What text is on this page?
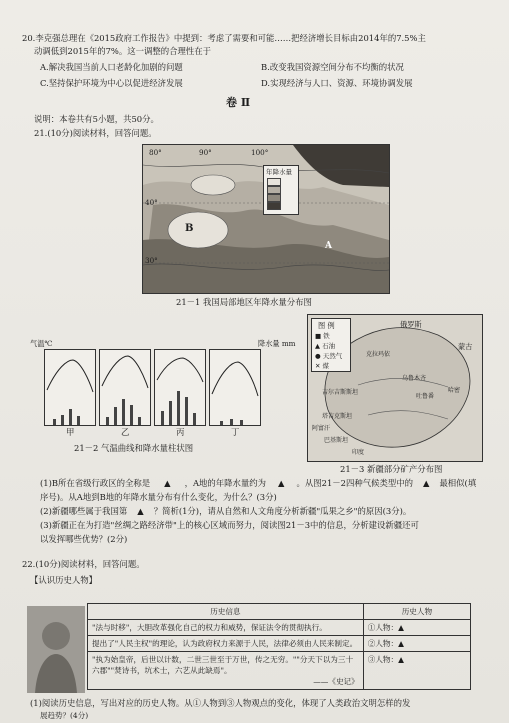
20.李克强总理在《2015政府工作报告》中提到：考虑了需要和可能……把经济增长目标由2014年的7.5%主
动调低到2015年的7%。这一调整的合理性在于
A.解决我国当前人口老龄化加剧的问题	B.改变我国资源空间分布不均衡的状况
C.坚持保护环境为中心以促进经济发展	D.实现经济与人口、资源、环境协调发展
卷 Ⅱ
说明：本卷共有5小题，共50分。
21.(10分)阅读材料，回答问题。
80°	90°	100°
40°
30°
B
A
年降水量
21－1 我国局部地区年降水量分布图
气温℃	降水量 mm
甲	乙	丙	丁
21－2 气温曲线和降水量柱状图
图 例
■ 铁
▲ 石油
● 天然气
✕ 煤
俄罗斯
蒙古
克拉玛依
乌鲁木齐
哈密
吐鲁番
吉尔吉斯斯坦
塔吉克斯坦
巴基斯坦
印度
阿富汗
21－3 新疆部分矿产分布图
(1)B所在省级行政区的全称是 ▲ ，A地的年降水量约为 ▲ 。从图21－2四种气候类型中的 ▲ 最相似(填
序号)。从A地到B地的年降水量分布有什么变化，为什么？(3分)
(2)新疆哪些属于我国第 ▲ ？简析(1分)，请从自然和人文角度分析新疆"瓜果之乡"的原因(3分)。
(3)新疆正在为打造"丝绸之路经济带"上的核心区域而努力，阅读图21－3中的信息，分析建设新疆还可
以发挥哪些优势？(2分)
22.(10分)阅读材料，回答问题。
【认识历史人物】
历史信息	历史人物
"法与时移"，大胆改革强化自己的权力和威势，保证法令的贯彻执行。	①人物：▲
提出了"人民主权"的理论，认为政府权力来源于人民，法律必须由人民来制定。	②人物：▲
"执为始皇帝，后世以计数，二世三世至于万世，传之无穷。""分天下以为三十六郡""焚诗书，坑术士，六艺从此缺焉"。
——《史记》	③人物：▲
(1)阅读历史信息，写出对应的历史人物。从①人物到③人物观点的变化，体现了人类政治文明怎样的发
展趋势？(4分)
